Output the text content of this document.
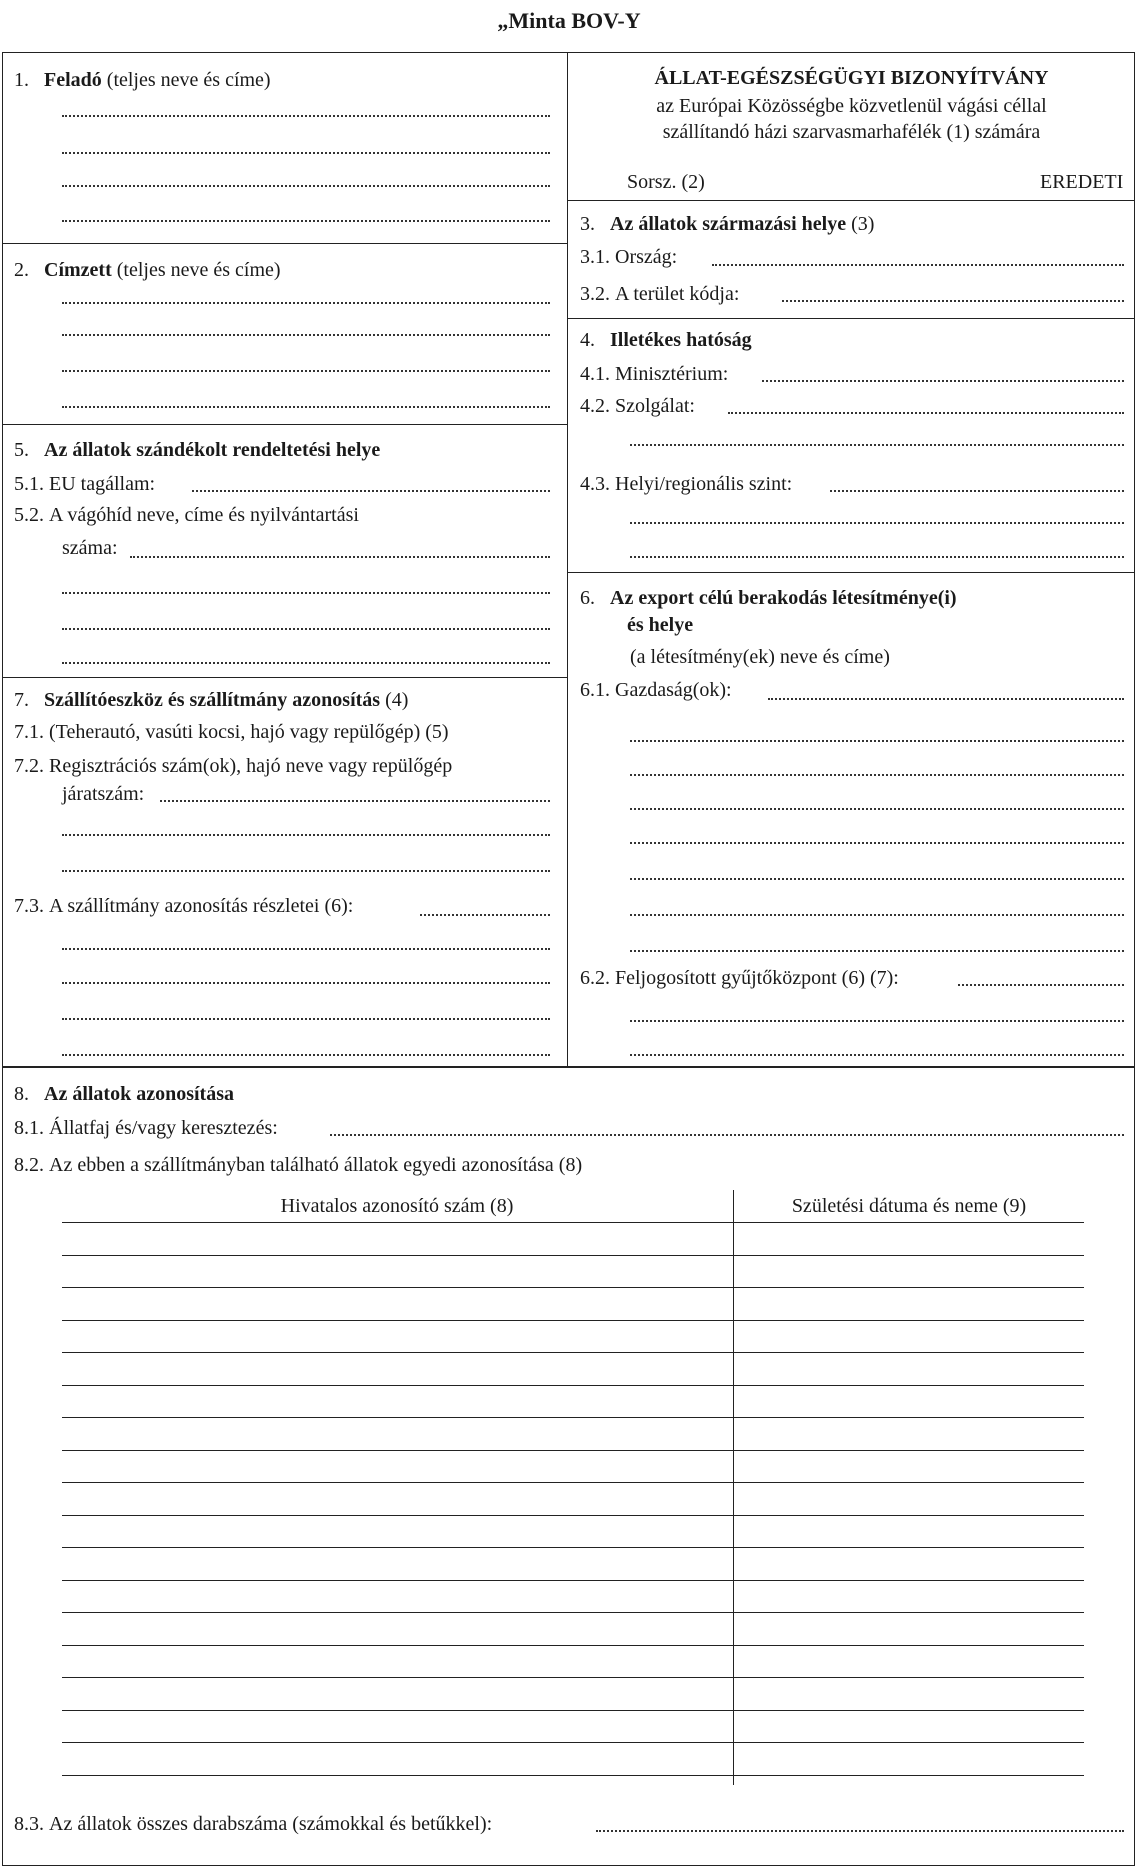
„Minta BOV-Y
1. Feladó (teljes neve és címe)
2. Címzett (teljes neve és címe)
5. Az állatok szándékolt rendeltetési helye
5.1. EU tagállam:
5.2. A vágóhíd neve, címe és nyilvántartási
száma:
7. Szállítóeszköz és szállítmány azonosítás (4)
7.1. (Teherautó, vasúti kocsi, hajó vagy repülőgép) (5)
7.2. Regisztrációs szám(ok), hajó neve vagy repülőgép
járatszám:
7.3. A szállítmány azonosítás részletei (6):
ÁLLAT-EGÉSZSÉGÜGYI BIZONYÍTVÁNY
az Európai Közösségbe közvetlenül vágási céllal
szállítandó házi szarvasmarhafélék (1) számára
Sorsz. (2)	EREDETI
3. Az állatok származási helye (3)
3.1. Ország:
3.2. A terület kódja:
4. Illetékes hatóság
4.1. Minisztérium:
4.2. Szolgálat:
4.3. Helyi/regionális szint:
6. Az export célú berakodás létesítménye(i)
és helye
(a létesítmény(ek) neve és címe)
6.1. Gazdaság(ok):
6.2. Feljogosított gyűjtőközpont (6) (7):
8. Az állatok azonosítása
8.1. Állatfaj és/vagy keresztezés:
8.2. Az ebben a szállítmányban található állatok egyedi azonosítása (8)
Hivatalos azonosító szám (8)	Születési dátuma és neme (9)
8.3. Az állatok összes darabszáma (számokkal és betűkkel):
